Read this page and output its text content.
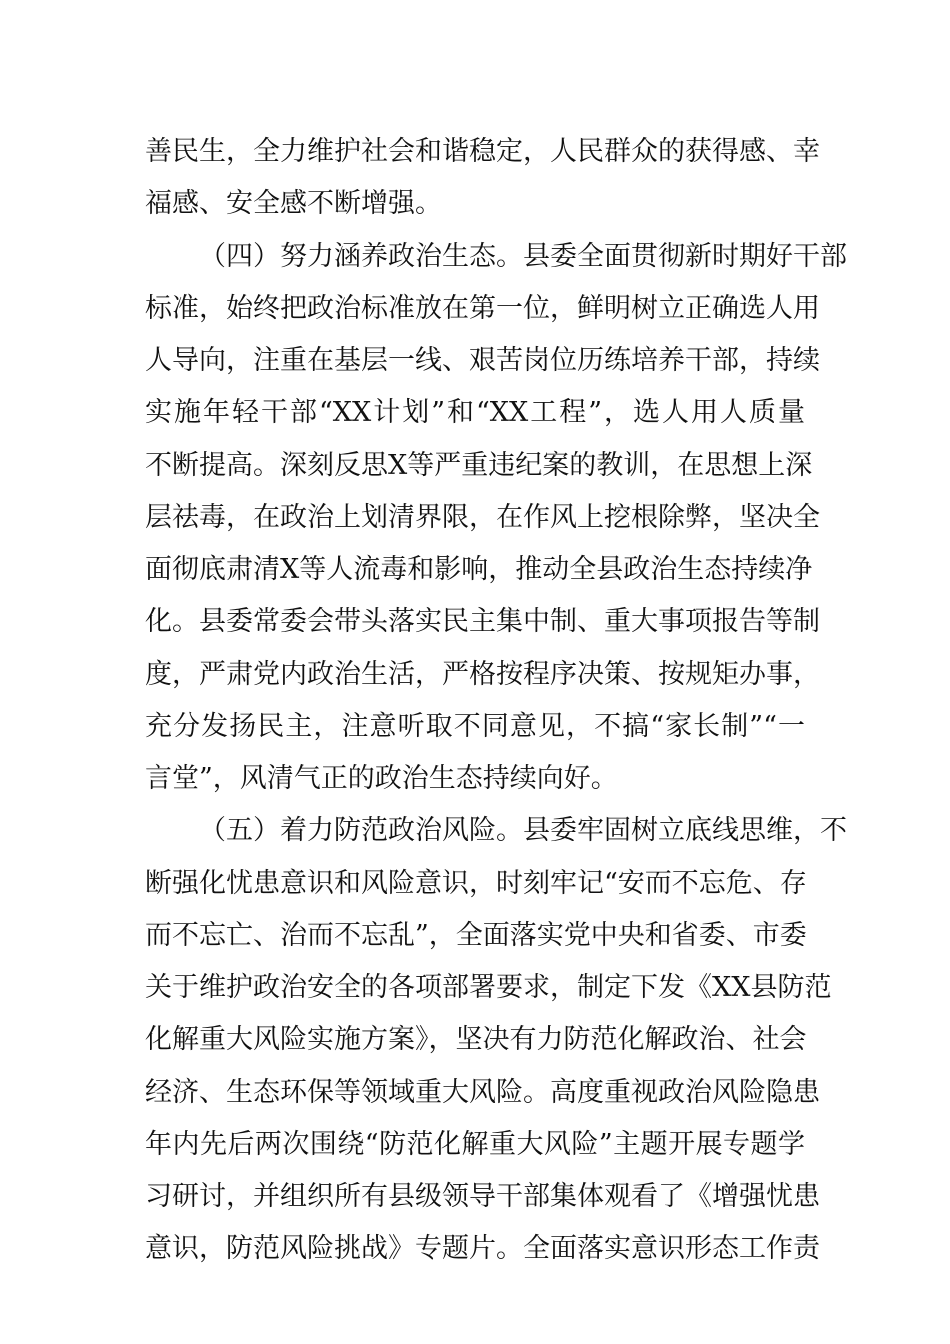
善民生，全力维护社会和谐稳定，人民群众的获得感、幸
福感、安全感不断增强。
（四）努力涵养政治生态。县委全面贯彻新时期好干部
标准，始终把政治标准放在第一位，鲜明树立正确选人用
人导向，注重在基层一线、艰苦岗位历练培养干部，持续
实施年轻干部“XX计划”和“XX工程”，选人用人质量
不断提高。深刻反思X等严重违纪案的教训，在思想上深
层祛毒，在政治上划清界限，在作风上挖根除弊，坚决全
面彻底肃清X等人流毒和影响，推动全县政治生态持续净
化。县委常委会带头落实民主集中制、重大事项报告等制
度，严肃党内政治生活，严格按程序决策、按规矩办事，
充分发扬民主，注意听取不同意见，不搞“家长制”“一
言堂”，风清气正的政治生态持续向好。
（五）着力防范政治风险。县委牢固树立底线思维，不
断强化忧患意识和风险意识，时刻牢记“安而不忘危、存
而不忘亡、治而不忘乱”，全面落实党中央和省委、市委
关于维护政治安全的各项部署要求，制定下发《XX县防范
化解重大风险实施方案》，坚决有力防范化解政治、社会
经济、生态环保等领域重大风险。高度重视政治风险隐患
年内先后两次围绕“防范化解重大风险”主题开展专题学
习研讨，并组织所有县级领导干部集体观看了《增强忧患
意识，防范风险挑战》专题片。全面落实意识形态工作责
